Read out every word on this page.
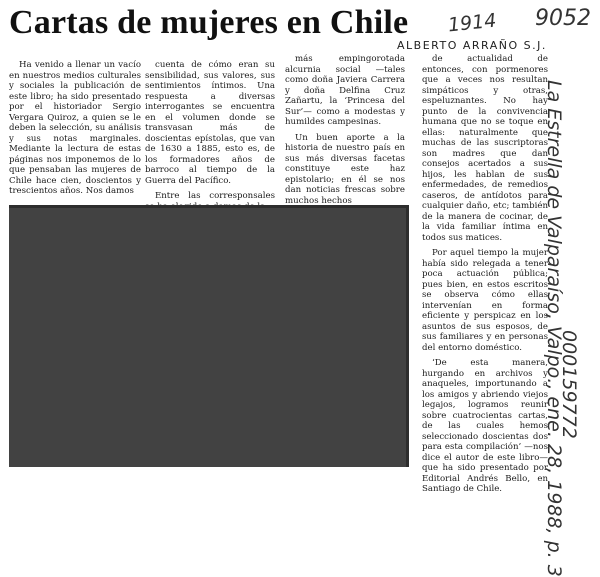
Cartas de mujeres en Chile 1914 9052
ALBERTO ARRAÑO S.J.

Ha venido a llenar un vacío en nuestros medios culturales y sociales la publicación de este libro; ha sido presentado por el historiador Sergio Vergara Quiroz, a quien se le deben la selección, su análisis y sus notas marginales. Mediante la lectura de estas páginas nos imponemos de lo que pensaban las mujeres de Chile hace cien, doscientos y trescientos años. Nos damos

cuenta de cómo eran su sensibilidad, sus valores, sus sentimientos íntimos. Una respuesta a diversas interrogantes se encuentra en el volumen donde se transvasan más de doscientas epístolas, que van de 1630 a 1885, esto es, de los formadores años de barroco al tiempo de la Guerra del Pacífico.

Entre las corresponsales

más empingorotada alcurnia social —tales como doña Javiera Carrera y doña Delfina Cruz Zañartu, la ‘Princesa del Sur’— como a modestas y humildes campesinas.

Un buen aporte a la historia de nuestro país en sus más diversas facetas constituye este haz epistolario; en él se nos dan noticias frescas sobre muchos hechos

de actualidad de entonces, con pormenores que a veces nos resultan simpáticos y otras, espeluznantes. No hay punto de la convivencia humana que no se toque en ellas: naturalmente que muchas de las suscriptoras son madres que dan consejos acertados a sus hijos, les hablan de sus enfermedades, de remedios caseros, de antídotos para cualquier daño, etc; también de la manera de cocinar, de la vida familiar íntima en todos sus matices.

Por aquel tiempo la mujer había sido relegada a tener poca actuación pública; pues bien, en estos escritos se observa cómo ellas intervenían en forma eficiente y perspicaz en los asuntos de sus esposos, de sus familiares y en personas del entorno doméstico.

‘De esta manera, hurgando en archivos y anaqueles, importunando a los amigos y abriendo viejos legajos, logramos reunir sobre cuatrocientas cartas, de las cuales hemos seleccionado doscientas dos para esta compilación’ —nos dice el autor de este libro— que ha sido presentado por Editorial Andrés Bello, en Santiago de Chile.

La Estrella de Valparaíso, Valpo., ene. 28, 1988, p. 3
000159772
